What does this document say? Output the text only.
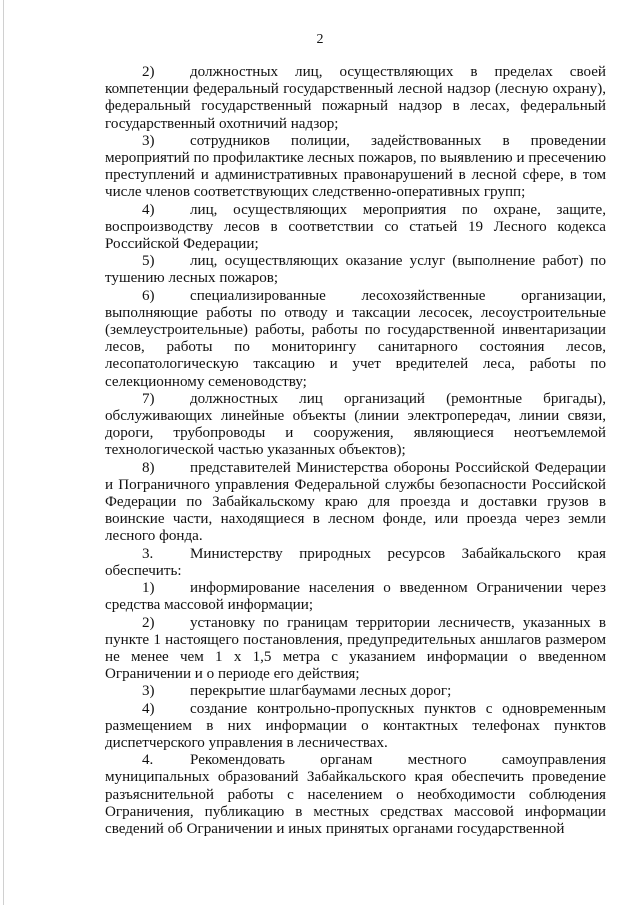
2

2) должностных лиц, осуществляющих в пределах своей компетенции федеральный государственный лесной надзор (лесную охрану), федеральный государственный пожарный надзор в лесах, федеральный государственный охотничий надзор;

3) сотрудников полиции, задействованных в проведении мероприятий по профилактике лесных пожаров, по выявлению и пресечению преступлений и административных правонарушений в лесной сфере, в том числе членов соответствующих следственно-оперативных групп;

4) лиц, осуществляющих мероприятия по охране, защите, воспроизводству лесов в соответствии со статьей 19 Лесного кодекса Российской Федерации;

5) лиц, осуществляющих оказание услуг (выполнение работ) по тушению лесных пожаров;

6) специализированные лесохозяйственные организации, выполняющие работы по отводу и таксации лесосек, лесоустроительные (землеустроительные) работы, работы по государственной инвентаризации лесов, работы по мониторингу санитарного состояния лесов, лесопатологическую таксацию и учет вредителей леса, работы по селекционному семеноводству;

7) должностных лиц организаций (ремонтные бригады), обслуживающих линейные объекты (линии электропередач, линии связи, дороги, трубопроводы и сооружения, являющиеся неотъемлемой технологической частью указанных объектов);

8) представителей Министерства обороны Российской Федерации и Пограничного управления Федеральной службы безопасности Российской Федерации по Забайкальскому краю для проезда и доставки грузов в воинские части, находящиеся в лесном фонде, или проезда через земли лесного фонда.

3. Министерству природных ресурсов Забайкальского края обеспечить:

1) информирование населения о введенном Ограничении через средства массовой информации;

2) установку по границам территории лесничеств, указанных в пункте 1 настоящего постановления, предупредительных аншлагов размером не менее чем 1 х 1,5 метра с указанием информации о введенном Ограничении и о периоде его действия;

3) перекрытие шлагбаумами лесных дорог;

4) создание контрольно-пропускных пунктов с одновременным размещением в них информации о контактных телефонах пунктов диспетчерского управления в лесничествах.

4. Рекомендовать органам местного самоуправления муниципальных образований Забайкальского края обеспечить проведение разъяснительной работы с населением о необходимости соблюдения Ограничения, публикацию в местных средствах массовой информации сведений об Ограничении и иных принятых органами государственной
